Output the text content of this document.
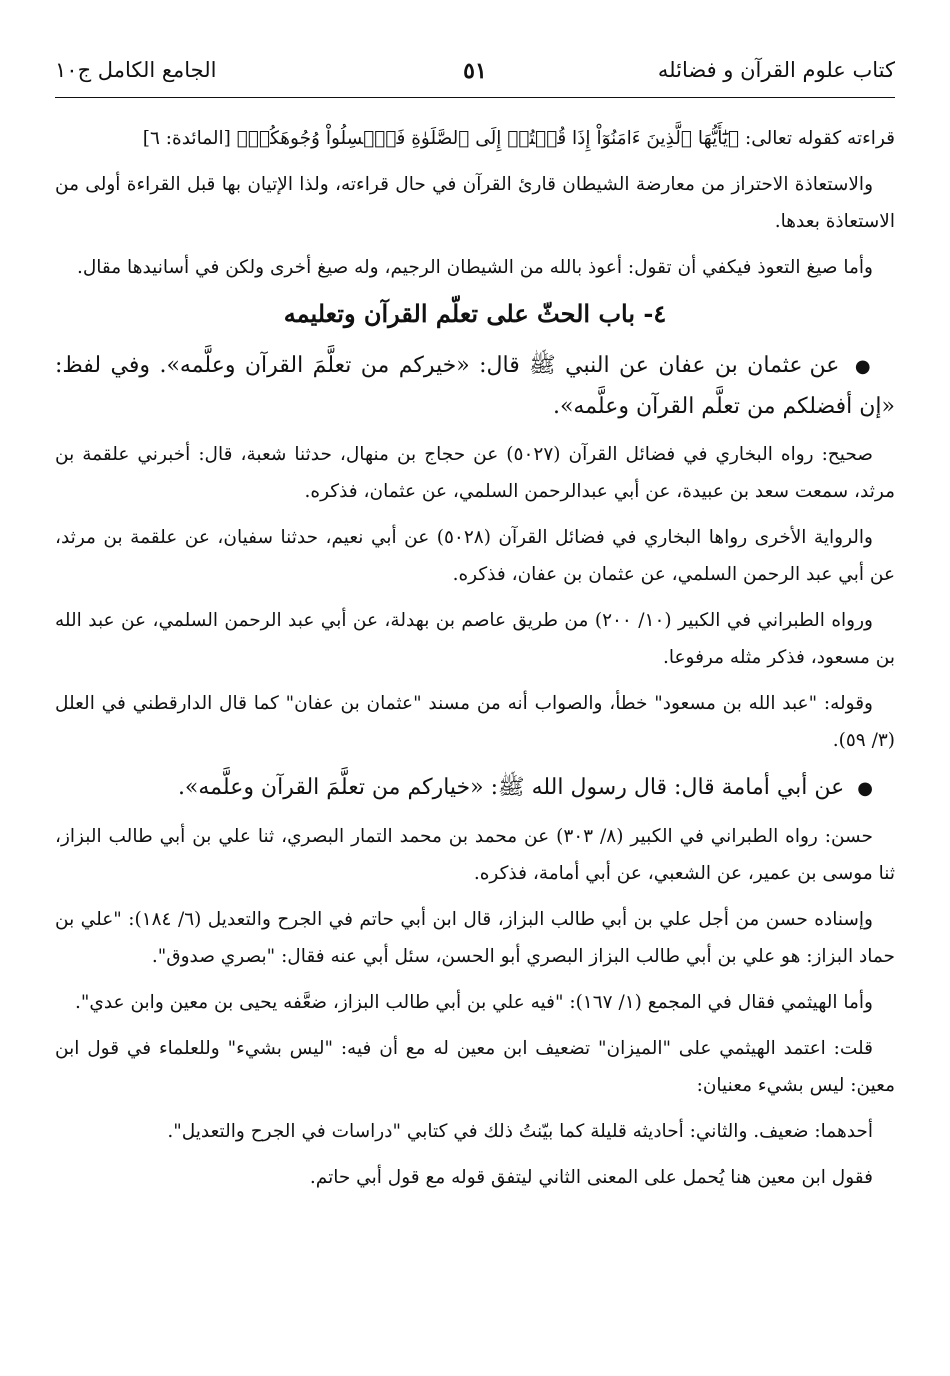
كتاب علوم القرآن و فضائله
٥١
الجامع الكامل ج١٠

قراءته كقوله تعالى: ﴿يَٰٓأَيُّهَا ٱلَّذِينَ ءَامَنُوٓاْ إِذَا قُمۡتُمۡ إِلَى ٱلصَّلَوٰةِ فَٱغۡسِلُواْ وُجُوهَكُمۡ﴾ [المائدة: ٦]

والاستعاذة الاحتراز من معارضة الشيطان قارئ القرآن في حال قراءته، ولذا الإتيان بها قبل القراءة أولى من الاستعاذة بعدها.

وأما صيغ التعوذ فيكفي أن تقول: أعوذ بالله من الشيطان الرجيم، وله صيغ أخرى ولكن في أسانيدها مقال.

٤- باب الحثّ على تعلّم القرآن وتعليمه

● عن عثمان بن عفان عن النبي ﷺ قال: «خيركم من تعلَّمَ القرآن وعلَّمه». وفي لفظ: «إن أفضلكم من تعلَّم القرآن وعلَّمه».

صحيح: رواه البخاري في فضائل القرآن (٥٠٢٧) عن حجاج بن منهال، حدثنا شعبة، قال: أخبرني علقمة بن مرثد، سمعت سعد بن عبيدة، عن أبي عبدالرحمن السلمي، عن عثمان، فذكره.

والرواية الأخرى رواها البخاري في فضائل القرآن (٥٠٢٨) عن أبي نعيم، حدثنا سفيان، عن علقمة بن مرثد، عن أبي عبد الرحمن السلمي، عن عثمان بن عفان، فذكره.

ورواه الطبراني في الكبير (١٠/ ٢٠٠) من طريق عاصم بن بهدلة، عن أبي عبد الرحمن السلمي، عن عبد الله بن مسعود، فذكر مثله مرفوعا.

وقوله: "عبد الله بن مسعود" خطأ، والصواب أنه من مسند "عثمان بن عفان" كما قال الدارقطني في العلل (٣/ ٥٩).

● عن أبي أمامة قال: قال رسول الله ﷺ: «خياركم من تعلَّمَ القرآن وعلَّمه».

حسن: رواه الطبراني في الكبير (٨/ ٣٠٣) عن محمد بن محمد التمار البصري، ثنا علي بن أبي طالب البزاز، ثنا موسى بن عمير، عن الشعبي، عن أبي أمامة، فذكره.

وإسناده حسن من أجل علي بن أبي طالب البزاز، قال ابن أبي حاتم في الجرح والتعديل (٦/ ١٨٤): "علي بن حماد البزاز: هو علي بن أبي طالب البزاز البصري أبو الحسن، سئل أبي عنه فقال: "بصري صدوق".

وأما الهيثمي فقال في المجمع (١/ ١٦٧): "فيه علي بن أبي طالب البزاز، ضعَّفه يحيى بن معين وابن عدي".

قلت: اعتمد الهيثمي على "الميزان" تضعيف ابن معين له مع أن فيه: "ليس بشيء" وللعلماء في قول ابن معين: ليس بشيء معنيان:

أحدهما: ضعيف. والثاني: أحاديثه قليلة كما بيّنتُ ذلك في كتابي "دراسات في الجرح والتعديل".

فقول ابن معين هنا يُحمل على المعنى الثاني ليتفق قوله مع قول أبي حاتم.
